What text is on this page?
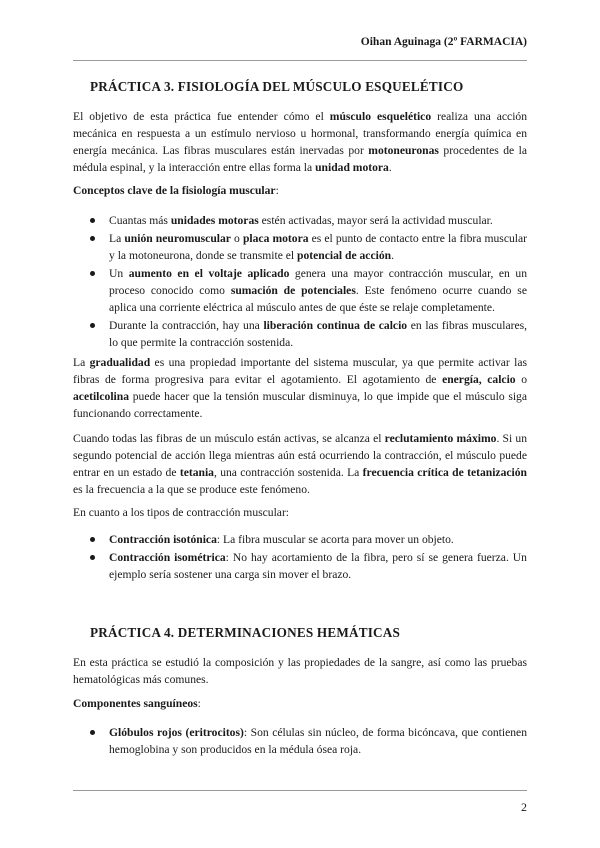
Oihan Aguinaga (2º FARMACIA)
PRÁCTICA 3. FISIOLOGÍA DEL MÚSCULO ESQUELÉTICO

El objetivo de esta práctica fue entender cómo el músculo esquelético realiza una acción mecánica en respuesta a un estímulo nervioso u hormonal, transformando energía química en energía mecánica. Las fibras musculares están inervadas por motoneuronas procedentes de la médula espinal, y la interacción entre ellas forma la unidad motora.

Conceptos clave de la fisiología muscular:

Cuantas más unidades motoras estén activadas, mayor será la actividad muscular.
La unión neuromuscular o placa motora es el punto de contacto entre la fibra muscular y la motoneurona, donde se transmite el potencial de acción.
Un aumento en el voltaje aplicado genera una mayor contracción muscular, en un proceso conocido como sumación de potenciales. Este fenómeno ocurre cuando se aplica una corriente eléctrica al músculo antes de que éste se relaje completamente.
Durante la contracción, hay una liberación continua de calcio en las fibras musculares, lo que permite la contracción sostenida.

La gradualidad es una propiedad importante del sistema muscular, ya que permite activar las fibras de forma progresiva para evitar el agotamiento. El agotamiento de energía, calcio o acetilcolina puede hacer que la tensión muscular disminuya, lo que impide que el músculo siga funcionando correctamente.

Cuando todas las fibras de un músculo están activas, se alcanza el reclutamiento máximo. Si un segundo potencial de acción llega mientras aún está ocurriendo la contracción, el músculo puede entrar en un estado de tetania, una contracción sostenida. La frecuencia crítica de tetanización es la frecuencia a la que se produce este fenómeno.

En cuanto a los tipos de contracción muscular:

Contracción isotónica: La fibra muscular se acorta para mover un objeto.
Contracción isométrica: No hay acortamiento de la fibra, pero sí se genera fuerza. Un ejemplo sería sostener una carga sin mover el brazo.
PRÁCTICA 4. DETERMINACIONES HEMÁTICAS

En esta práctica se estudió la composición y las propiedades de la sangre, así como las pruebas hematológicas más comunes.

Componentes sanguíneos:

Glóbulos rojos (eritrocitos): Son células sin núcleo, de forma bicóncava, que contienen hemoglobina y son producidos en la médula ósea roja.
2
